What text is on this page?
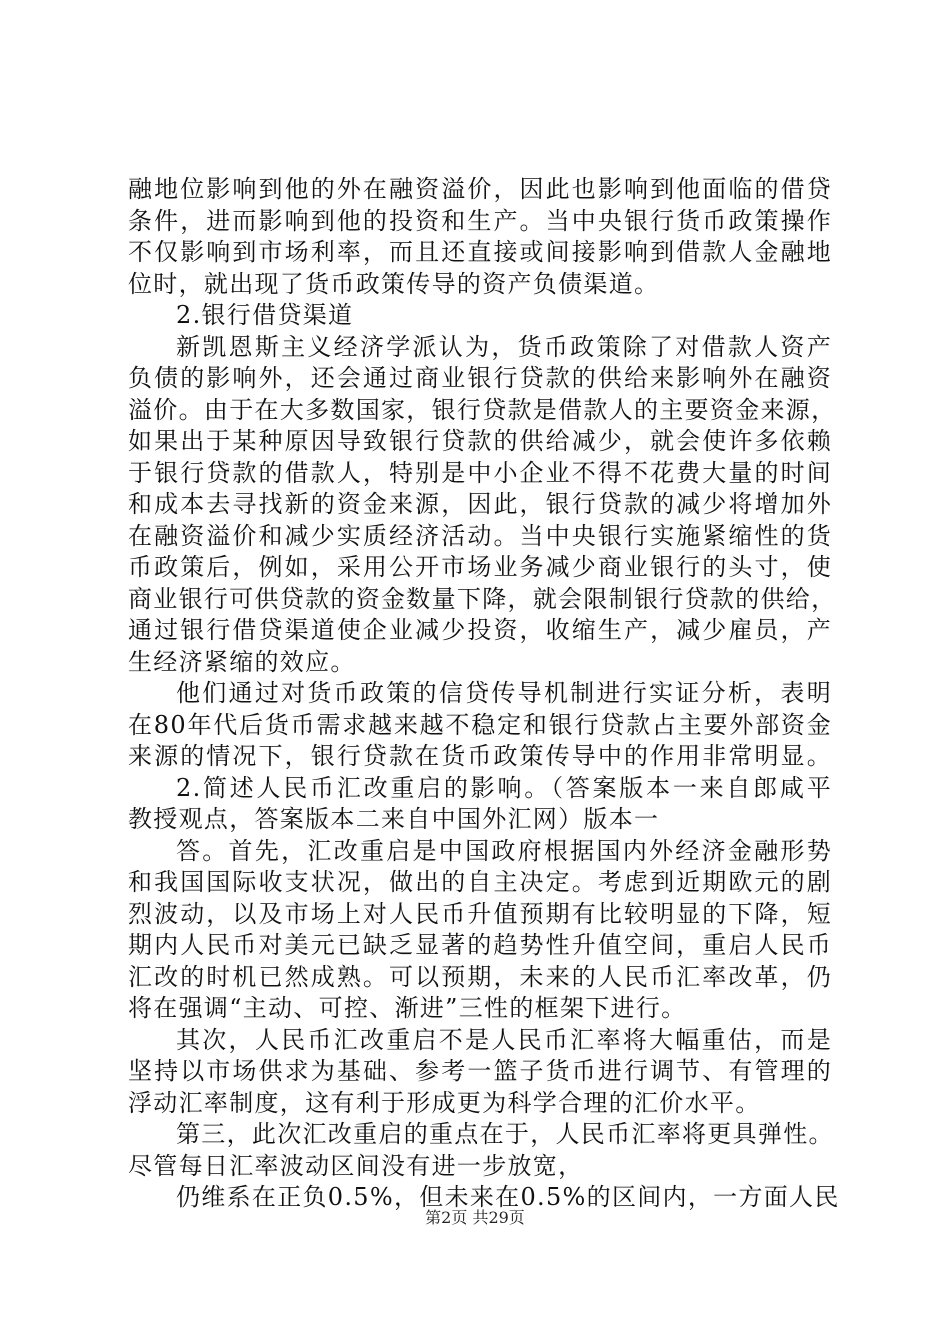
融地位影响到他的外在融资溢价，因此也影响到他面临的借贷
条件，进而影响到他的投资和生产。当中央银行货币政策操作
不仅影响到市场利率，而且还直接或间接影响到借款人金融地
位时，就出现了货币政策传导的资产负债渠道。
2.银行借贷渠道
新凯恩斯主义经济学派认为，货币政策除了对借款人资产
负债的影响外，还会通过商业银行贷款的供给来影响外在融资
溢价。由于在大多数国家，银行贷款是借款人的主要资金来源，
如果出于某种原因导致银行贷款的供给减少，就会使许多依赖
于银行贷款的借款人，特别是中小企业不得不花费大量的时间
和成本去寻找新的资金来源，因此，银行贷款的减少将增加外
在融资溢价和减少实质经济活动。当中央银行实施紧缩性的货
币政策后，例如，采用公开市场业务减少商业银行的头寸，使
商业银行可供贷款的资金数量下降，就会限制银行贷款的供给，
通过银行借贷渠道使企业减少投资，收缩生产，减少雇员，产
生经济紧缩的效应。
他们通过对货币政策的信贷传导机制进行实证分析，表明
在80年代后货币需求越来越不稳定和银行贷款占主要外部资金
来源的情况下，银行贷款在货币政策传导中的作用非常明显。
2.简述人民币汇改重启的影响。（答案版本一来自郎咸平
教授观点，答案版本二来自中国外汇网）版本一
答。首先，汇改重启是中国政府根据国内外经济金融形势
和我国国际收支状况，做出的自主决定。考虑到近期欧元的剧
烈波动，以及市场上对人民币升值预期有比较明显的下降，短
期内人民币对美元已缺乏显著的趋势性升值空间，重启人民币
汇改的时机已然成熟。可以预期，未来的人民币汇率改革，仍
将在强调“主动、可控、渐进”三性的框架下进行。
其次，人民币汇改重启不是人民币汇率将大幅重估，而是
坚持以市场供求为基础、参考一篮子货币进行调节、有管理的
浮动汇率制度，这有利于形成更为科学合理的汇价水平。
第三，此次汇改重启的重点在于，人民币汇率将更具弹性。
尽管每日汇率波动区间没有进一步放宽，
仍维系在正负0.5%，但未来在0.5%的区间内，一方面人民
第2页 共29页
